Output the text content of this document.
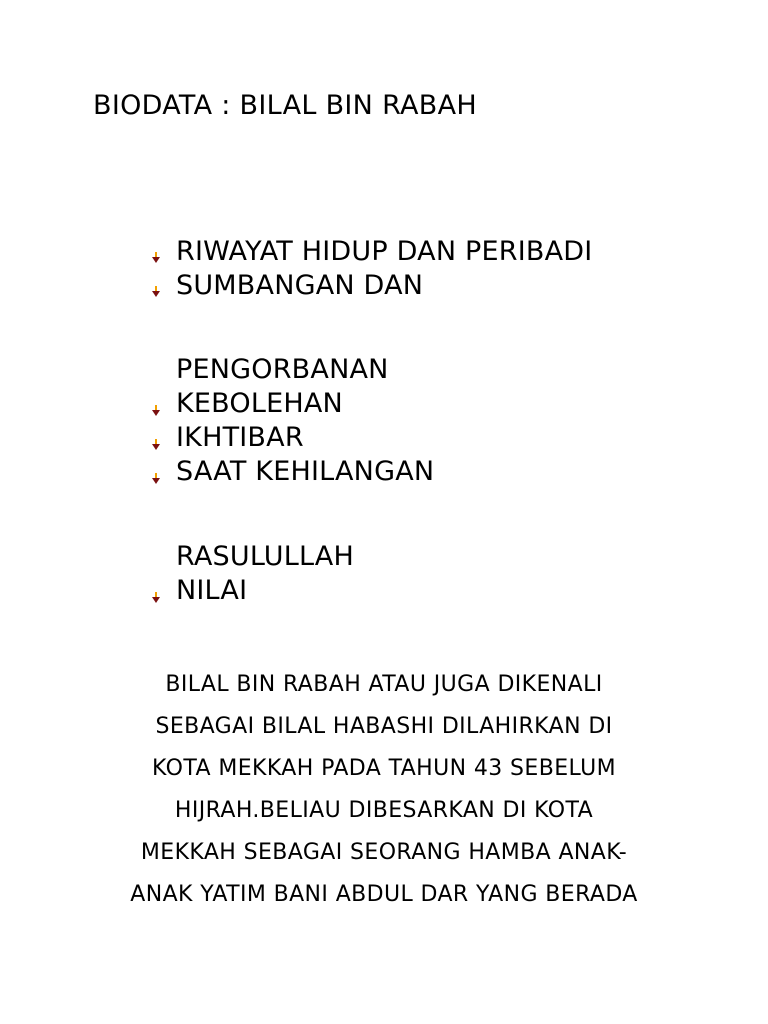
BIODATA : BILAL BIN RABAH
RIWAYAT HIDUP DAN PERIBADI
SUMBANGAN DAN
PENGORBANAN
KEBOLEHAN
IKHTIBAR
SAAT KEHILANGAN
RASULULLAH
NILAI

BILAL BIN RABAH ATAU JUGA DIKENALI
SEBAGAI BILAL HABASHI DILAHIRKAN DI
KOTA MEKKAH PADA TAHUN 43 SEBELUM
HIJRAH.BELIAU DIBESARKAN DI KOTA
MEKKAH SEBAGAI SEORANG HAMBA ANAK-
ANAK YATIM BANI ABDUL DAR YANG BERADA
